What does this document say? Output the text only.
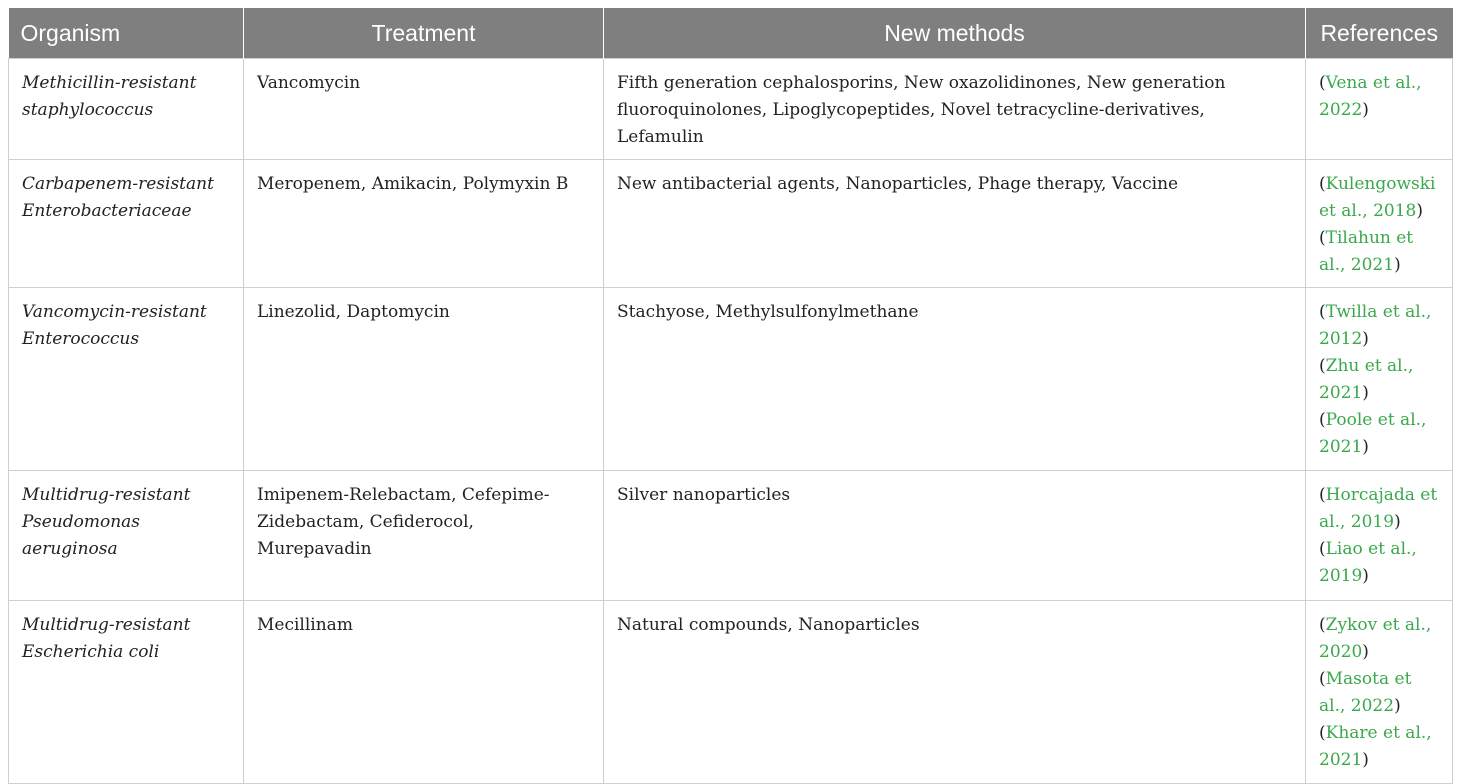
Organism	Treatment	New methods	References
Methicillin-resistant staphylococcus	Vancomycin	Fifth generation cephalosporins, New oxazolidinones, New generation fluoroquinolones, Lipoglycopeptides, Novel tetracycline-derivatives, Lefamulin	(Vena et al., 2022)

Carbapenem-resistant Enterobacteriaceae	Meropenem, Amikacin, Polymyxin B	New antibacterial agents, Nanoparticles, Phage therapy, Vaccine	(Kulengowski et al., 2018)
(Tilahun et al., 2021)

Vancomycin-resistant Enterococcus	Linezolid, Daptomycin	Stachyose, Methylsulfonylmethane	(Twilla et al., 2012)
(Zhu et al., 2021)
(Poole et al., 2021)

Multidrug-resistant Pseudomonas aeruginosa	Imipenem-Relebactam, Cefepime-Zidebactam, Cefiderocol, Murepavadin	Silver nanoparticles	(Horcajada et al., 2019)
(Liao et al., 2019)

Multidrug-resistant Escherichia coli	Mecillinam	Natural compounds, Nanoparticles	(Zykov et al., 2020)
(Masota et al., 2022)
(Khare et al., 2021)
